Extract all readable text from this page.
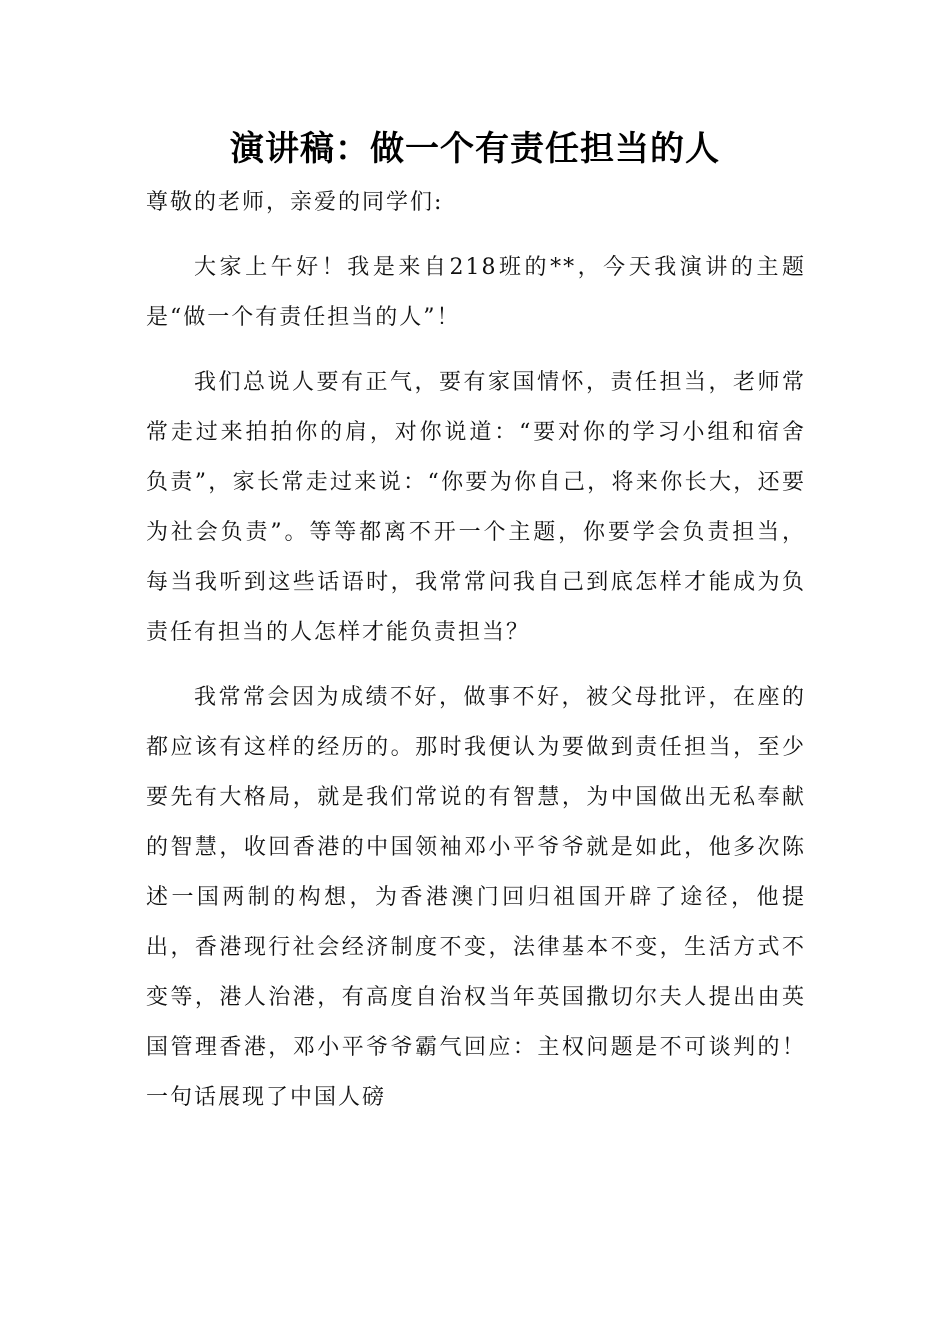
演讲稿：做一个有责任担当的人

尊敬的老师，亲爱的同学们:

大家上午好！我是来自218班的**，今天我演讲的主题是“做一个有责任担当的人”！

我们总说人要有正气，要有家国情怀，责任担当，老师常常走过来拍拍你的肩，对你说道：“要对你的学习小组和宿舍负责”，家长常走过来说：“你要为你自己，将来你长大，还要为社会负责”。等等都离不开一个主题，你要学会负责担当，每当我听到这些话语时，我常常问我自己到底怎样才能成为负责任有担当的人怎样才能负责担当？

我常常会因为成绩不好，做事不好，被父母批评，在座的都应该有这样的经历的。那时我便认为要做到责任担当，至少要先有大格局，就是我们常说的有智慧，为中国做出无私奉献的智慧，收回香港的中国领袖邓小平爷爷就是如此，他多次陈述一国两制的构想，为香港澳门回归祖国开辟了途径，他提出，香港现行社会经济制度不变，法律基本不变，生活方式不变等，港人治港，有高度自治权当年英国撒切尔夫人提出由英国管理香港，邓小平爷爷霸气回应：主权问题是不可谈判的！一句话展现了中国人磅
